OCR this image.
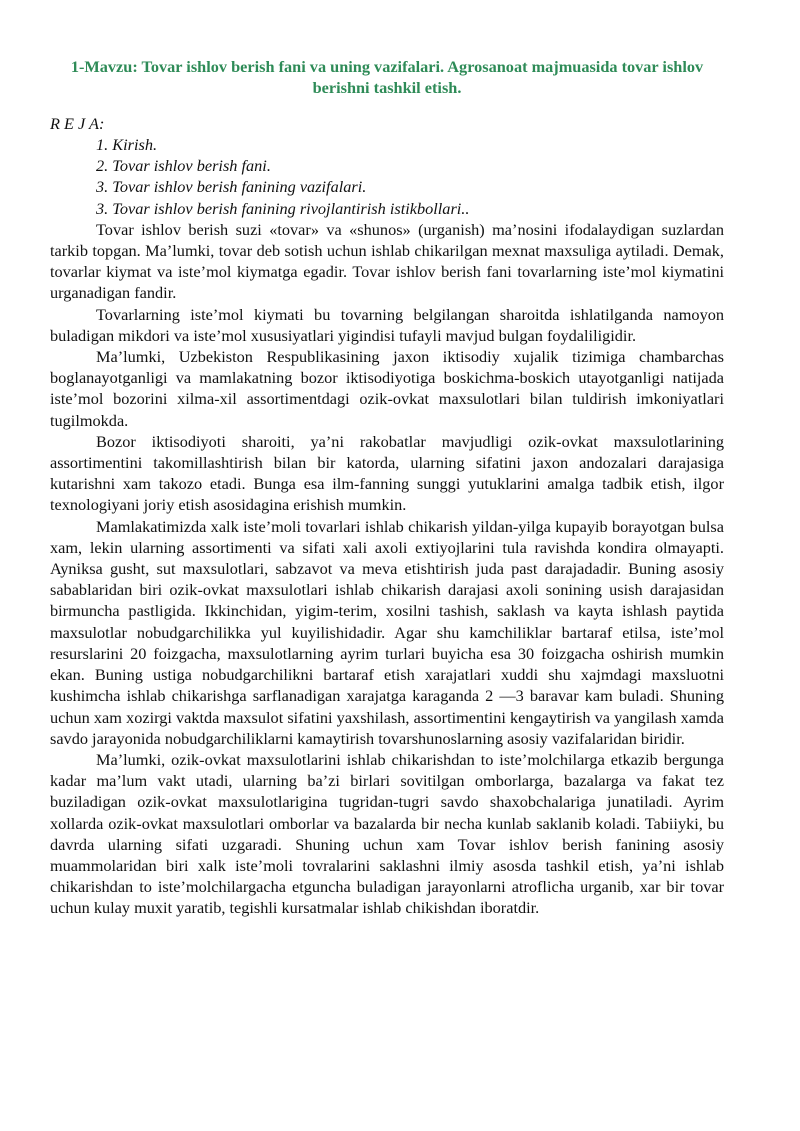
1-Mavzu: Tovar ishlov berish fani va uning vazifalari. Agrosanoat majmuasida tovar ishlov berishni tashkil etish.

R E J A:

1. Kirish.
2. Tovar ishlov berish fani.
3. Tovar ishlov berish fanining vazifalari.
3. Tovar ishlov berish fanining rivojlantirish istikbollari..

Tovar ishlov berish suzi «tovar» va «shunos» (urganish) ma’nosini ifodalaydigan suzlardan tarkib topgan. Ma’lumki, tovar deb sotish uchun ishlab chikarilgan mexnat maxsuliga aytiladi. Demak, tovarlar kiymat va iste’mol kiymatga egadir. Tovar ishlov berish fani tovarlarning iste’mol kiymatini urganadigan fandir.

Tovarlarning iste’mol kiymati bu tovarning belgilangan sharoitda ishlatilganda namoyon buladigan mikdori va iste’mol xususiyatlari yigindisi tufayli mavjud bulgan foydaliligidir.

Ma’lumki, Uzbekiston Respublikasining jaxon iktisodiy xujalik tizimiga chambarchas boglanayotganligi va mamlakatning bozor iktisodiyotiga boskichma-boskich utayotganligi natijada iste’mol bozorini xilma-xil assortimentdagi ozik-ovkat maxsulotlari bilan tuldirish imkoniyatlari tugilmokda.

Bozor iktisodiyoti sharoiti, ya’ni rakobatlar mavjudligi ozik-ovkat maxsulotlarining assortimentini takomillashtirish bilan bir katorda, ularning sifatini jaxon andozalari darajasiga kutarishni xam takozo etadi. Bunga esa ilm-fanning sunggi yutuklarini amalga tadbik etish, ilgor texnologiyani joriy etish asosidagina erishish mumkin.

Mamlakatimizda xalk iste’moli tovarlari ishlab chikarish yildan-yilga kupayib borayotgan bulsa xam, lekin ularning assortimenti va sifati xali axoli extiyojlarini tula ravishda kondira olmayapti. Ayniksa gusht, sut maxsulotlari, sabzavot va meva etishtirish juda past darajadadir. Buning asosiy sabablaridan biri ozik-ovkat maxsulotlari ishlab chikarish darajasi axoli sonining usish darajasidan birmuncha pastligida. Ikkinchidan, yigim-terim, xosilni tashish, saklash va kayta ishlash paytida maxsulotlar nobudgarchilikka yul kuyilishidadir. Agar shu kamchiliklar bartaraf etilsa, iste’mol resurslarini 20 foizgacha, maxsulotlarning ayrim turlari buyicha esa 30 foizgacha oshirish mumkin ekan. Buning ustiga nobudgarchilikni bartaraf etish xarajatlari xuddi shu xajmdagi maxsluotni kushimcha ishlab chikarishga sarflanadigan xarajatga karaganda 2 —3 baravar kam buladi. Shuning uchun xam xozirgi vaktda maxsulot sifatini yaxshilash, assortimentini kengaytirish va yangilash xamda savdo jarayonida nobudgarchiliklarni kamaytirish tovarshunoslarning asosiy vazifalaridan biridir.

Ma’lumki, ozik-ovkat maxsulotlarini ishlab chikarishdan to iste’molchilarga etkazib bergunga kadar ma’lum vakt utadi, ularning ba’zi birlari sovitilgan omborlarga, bazalarga va fakat tez buziladigan ozik-ovkat maxsulotlarigina tugridan-tugri savdo shaxobchalariga junatiladi. Ayrim xollarda ozik-ovkat maxsulotlari omborlar va bazalarda bir necha kunlab saklanib koladi. Tabiiyki, bu davrda ularning sifati uzgaradi. Shuning uchun xam Tovar ishlov berish fanining asosiy muammolaridan biri xalk iste’moli tovralarini saklashni ilmiy asosda tashkil etish, ya’ni ishlab chikarishdan to iste’molchilargacha etguncha buladigan jarayonlarni atroflicha urganib, xar bir tovar uchun kulay muxit yaratib, tegishli kursatmalar ishlab chikishdan iboratdir.
